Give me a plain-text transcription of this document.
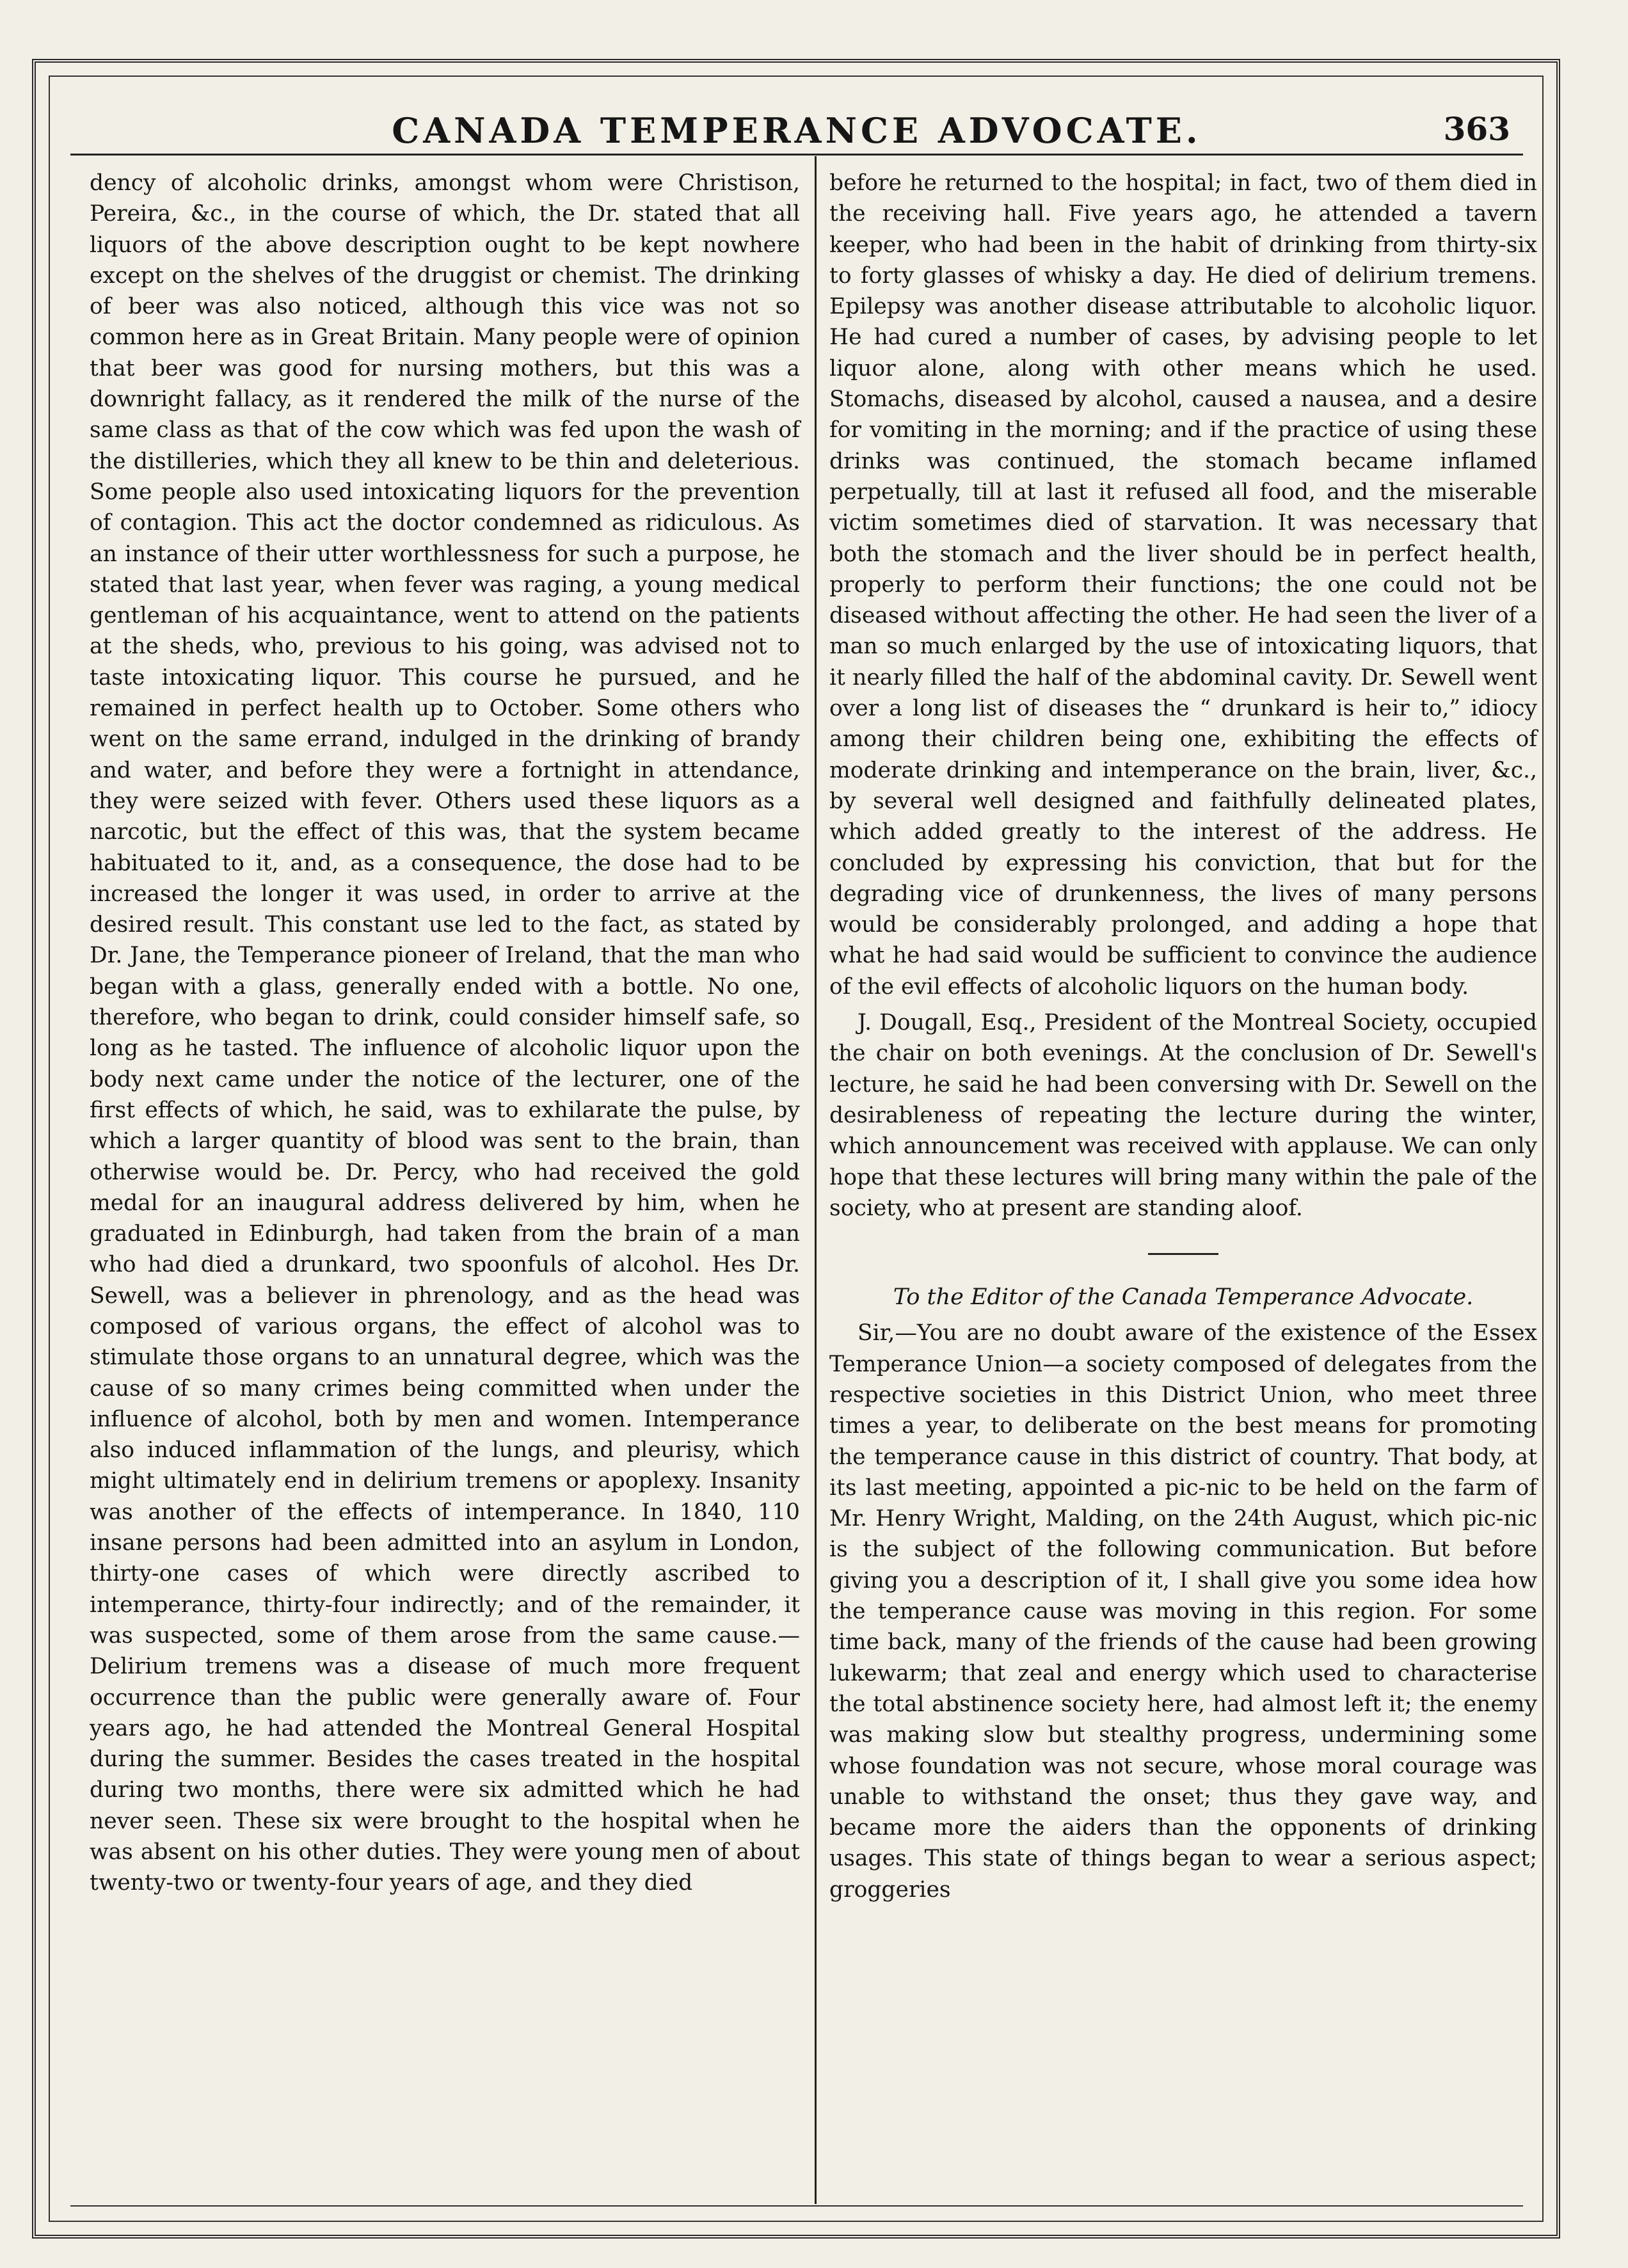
CANADA TEMPERANCE ADVOCATE.	363

dency of alcoholic drinks, amongst whom were Christison, Pereira, &c., in the course of which, the Dr. stated that all liquors of the above description ought to be kept nowhere except on the shelves of the druggist or chemist. The drinking of beer was also noticed, although this vice was not so common here as in Great Britain. Many people were of opinion that beer was good for nursing mothers, but this was a downright fallacy, as it rendered the milk of the nurse of the same class as that of the cow which was fed upon the wash of the distilleries, which they all knew to be thin and deleterious. Some people also used intoxicating liquors for the prevention of contagion. This act the doctor condemned as ridiculous. As an instance of their utter worthlessness for such a purpose, he stated that last year, when fever was raging, a young medical gentleman of his acquaintance, went to attend on the patients at the sheds, who, previous to his going, was advised not to taste intoxicating liquor. This course he pursued, and he remained in perfect health up to October. Some others who went on the same errand, indulged in the drinking of brandy and water, and before they were a fortnight in attendance, they were seized with fever. Others used these liquors as a narcotic, but the effect of this was, that the system became habituated to it, and, as a consequence, the dose had to be increased the longer it was used, in order to arrive at the desired result. This constant use led to the fact, as stated by Dr. Jane, the Temperance pioneer of Ireland, that the man who began with a glass, generally ended with a bottle. No one, therefore, who began to drink, could consider himself safe, so long as he tasted. The influence of alcoholic liquor upon the body next came under the notice of the lecturer, one of the first effects of which, he said, was to exhilarate the pulse, by which a larger quantity of blood was sent to the brain, than otherwise would be. Dr. Percy, who had received the gold medal for an inaugural address delivered by him, when he graduated in Edinburgh, had taken from the brain of a man who had died a drunkard, two spoonfuls of alcohol. Hes Dr. Sewell, was a believer in phrenology, and as the head was composed of various organs, the effect of alcohol was to stimulate those organs to an unnatural degree, which was the cause of so many crimes being committed when under the influence of alcohol, both by men and women. Intemperance also induced inflammation of the lungs, and pleurisy, which might ultimately end in delirium tremens or apoplexy. Insanity was another of the effects of intemperance. In 1840, 110 insane persons had been admitted into an asylum in London, thirty-one cases of which were directly ascribed to intemperance, thirty-four indirectly; and of the remainder, it was suspected, some of them arose from the same cause.— Delirium tremens was a disease of much more frequent occurrence than the public were generally aware of. Four years ago, he had attended the Montreal General Hospital during the summer. Besides the cases treated in the hospital during two months, there were six admitted which he had never seen. These six were brought to the hospital when he was absent on his other duties. They were young men of about twenty-two or twenty-four years of age, and they died

before he returned to the hospital; in fact, two of them died in the receiving hall. Five years ago, he attended a tavern keeper, who had been in the habit of drinking from thirty-six to forty glasses of whisky a day. He died of delirium tremens. Epilepsy was another disease attributable to alcoholic liquor. He had cured a number of cases, by advising people to let liquor alone, along with other means which he used. Stomachs, diseased by alcohol, caused a nausea, and a desire for vomiting in the morning; and if the practice of using these drinks was continued, the stomach became inflamed perpetually, till at last it refused all food, and the miserable victim sometimes died of starvation. It was necessary that both the stomach and the liver should be in perfect health, properly to perform their functions; the one could not be diseased without affecting the other. He had seen the liver of a man so much enlarged by the use of intoxicating liquors, that it nearly filled the half of the abdominal cavity. Dr. Sewell went over a long list of diseases the “ drunkard is heir to,” idiocy among their children being one, exhibiting the effects of moderate drinking and intemperance on the brain, liver, &c., by several well designed and faithfully delineated plates, which added greatly to the interest of the address. He concluded by expressing his conviction, that but for the degrading vice of drunkenness, the lives of many persons would be considerably prolonged, and adding a hope that what he had said would be sufficient to convince the audience of the evil effects of alcoholic liquors on the human body.

J. Dougall, Esq., President of the Montreal Society, occupied the chair on both evenings. At the conclusion of Dr. Sewell's lecture, he said he had been conversing with Dr. Sewell on the desirableness of repeating the lecture during the winter, which announcement was received with applause. We can only hope that these lectures will bring many within the pale of the society, who at present are standing aloof.

To the Editor of the Canada Temperance Advocate.

Sir,—You are no doubt aware of the existence of the Essex Temperance Union—a society composed of delegates from the respective societies in this District Union, who meet three times a year, to deliberate on the best means for promoting the temperance cause in this district of country. That body, at its last meeting, appointed a pic-nic to be held on the farm of Mr. Henry Wright, Malding, on the 24th August, which pic-nic is the subject of the following communication. But before giving you a description of it, I shall give you some idea how the temperance cause was moving in this region. For some time back, many of the friends of the cause had been growing lukewarm; that zeal and energy which used to characterise the total abstinence society here, had almost left it; the enemy was making slow but stealthy progress, undermining some whose foundation was not secure, whose moral courage was unable to withstand the onset; thus they gave way, and became more the aiders than the opponents of drinking usages. This state of things began to wear a serious aspect; groggeries
